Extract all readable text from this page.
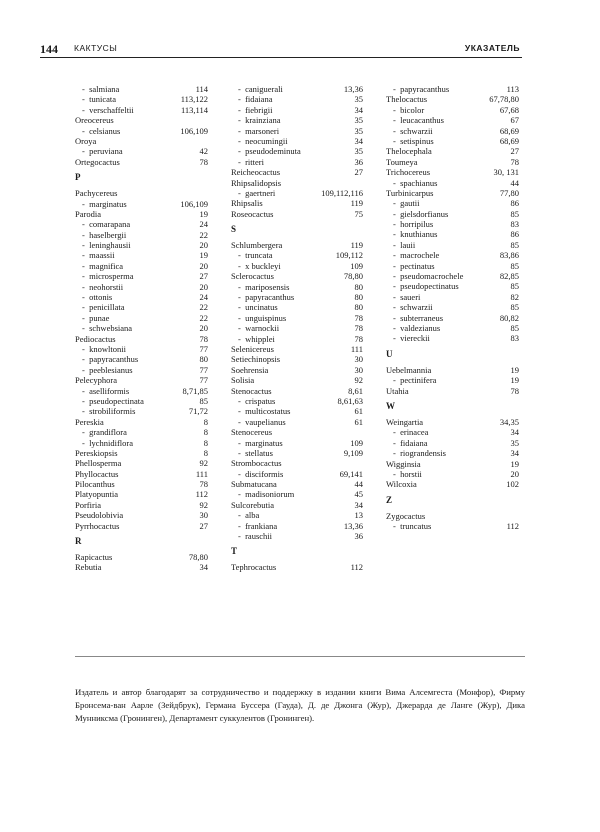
144 КАКТУСЫ	УКАЗАТЕЛЬ
-  salmiana	114
-  tunicata	113,122
-  verschaffeltii	113,114
Oreocereus
-  celsianus	106,109
Oroya
-  peruviana	42
Ortegocactus	78
P
Pachycereus
-  marginatus	106,109
Parodia	19
-  comarapana	24
-  haselbergii	22
-  leninghausii	20
-  maassii	19
-  magnifica	20
-  microsperma	27
-  neohorstii	20
-  ottonis	24
-  penicillata	22
-  punae	22
-  schwebsiana	20
Pediocactus	78
-  knowltonii	77
-  papyracanthus	80
-  peeblesianus	77
Pelecyphora	77
-  aselliformis	8,71,85
-  pseudopectinata	85
-  strobiliformis	71,72
Pereskia	8
-  grandiflora	8
-  lychnidiflora	8
Pereskiopsis	8
Phellosperma	92
Phyllocactus	111
Pilocanthus	78
Platyopuntia	112
Porfiria	92
Pseudolobivia	30
Pyrrhocactus	27
R
Rapicactus	78,80
Rebutia	34
-  caniguerali	13,36
-  fidaiana	35
-  fiebrigii	34
-  krainziana	35
-  marsoneri	35
-  neocumingii	34
-  pseudodeminuta	35
-  ritteri	36
Reicheocactus	27
Rhipsalidopsis
-  gaertneri	109,112,116
Rhipsalis	119
Roseocactus	75
S
Schlumbergera	119
-  truncata	109,112
-  x buckleyi	109
Sclerocactus	78,80
-  mariposensis	80
-  papyracanthus	80
-  uncinatus	80
-  unguispinus	78
-  warnockii	78
-  whipplei	78
Selenicereus	111
Setiechinopsis	30
Soehrensia	30
Solisia	92
Stenocactus	8,61
-  crispatus	8,61,63
-  multicostatus	61
-  vaupelianus	61
Stenocereus
-  marginatus	109
-  stellatus	9,109
Strombocactus
-  disciformis	69,141
Submatucana	44
-  madisoniorum	45
Sulcorebutia	34
-  alba	13
-  frankiana	13,36
-  rauschii	36
T
Tephrocactus	112
-  papyracanthus	113
Thelocactus	67,78,80
-  bicolor	67,68
-  leucacanthus	67
-  schwarzii	68,69
-  setispinus	68,69
Thelocephala	27
Toumeya	78
Trichocereus	30, 131
-  spachianus	44
Turbinicarpus	77,80
-  gautii	86
-  gielsdorfianus	85
-  horripilus	83
-  knuthianus	86
-  lauii	85
-  macrochele	83,86
-  pectinatus	85
-  pseudomacrochele	82,85
-  pseudopectinatus	85
-  saueri	82
-  schwarzii	85
-  subterraneus	80,82
-  valdezianus	85
-  viereckii	83
U
Uebelmannia	19
-  pectinifera	19
Utahia	78
W
Weingartia	34,35
-  erinacea	34
-  fidaiana	35
-  riograndensis	34
Wigginsia	19
-  horstii	20
Wilcoxia	102
Z
Zygocactus
-  truncatus	112
Издатель и автор благодарят за сотрудничество и поддержку в издании книги Вима Алсемгеста (Монфор), Фирму Бронсема-ван Аарле (Зейдбрук), Германа Буссера (Гауда), Д. де Джонга (Жур), Джерарда де Ланге (Жур), Дика Мунниксма (Гронинген), Департамент суккулентов (Гронинген).
